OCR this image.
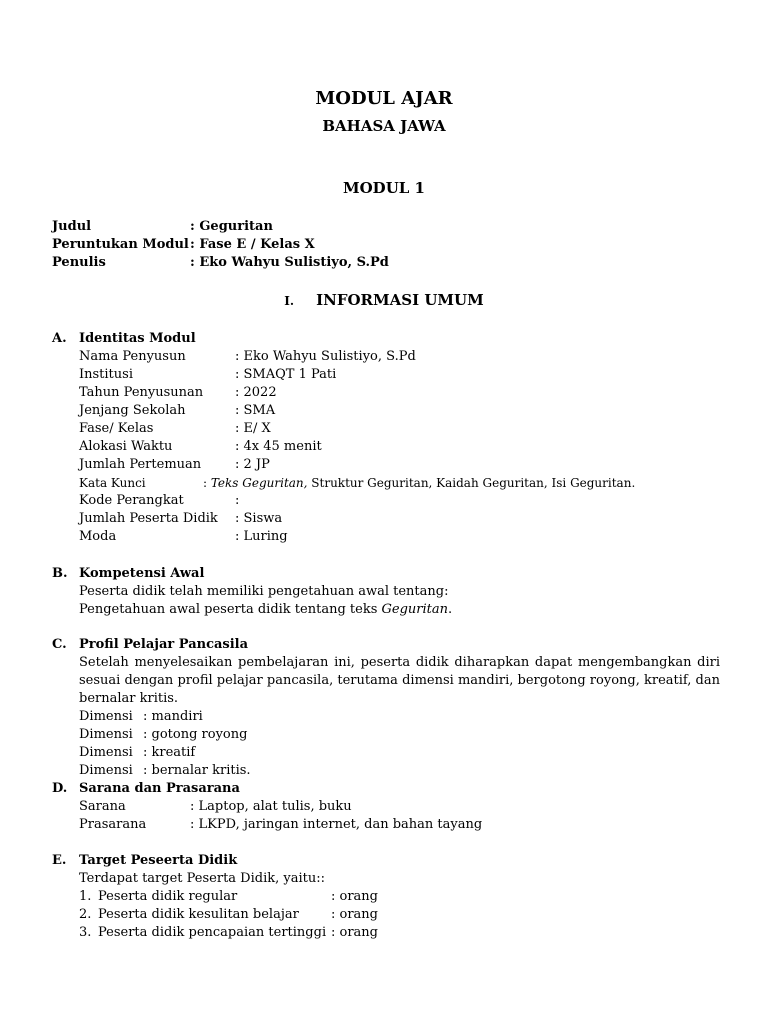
MODUL AJAR
BAHASA JAWA
MODUL 1
Judul	: Geguritan
Peruntukan Modul : Fase E / Kelas X
Penulis	: Eko Wahyu Sulistiyo, S.Pd
I. INFORMASI UMUM
A. Identitas Modul
Nama Penyusun	: Eko Wahyu Sulistiyo, S.Pd
Institusi	: SMAQT 1 Pati
Tahun Penyusunan : 2022
Jenjang Sekolah	: SMA
Fase/ Kelas	: E/ X
Alokasi Waktu	: 4x 45 menit
Jumlah Pertemuan	: 2 JP
Kata Kunci	: Teks Geguritan, Struktur Geguritan, Kaidah Geguritan, Isi Geguritan.
Kode Perangkat	:
Jumlah Peserta Didik : Siswa
Moda	: Luring
B. Kompetensi Awal
Peserta didik telah memiliki pengetahuan awal tentang:
Pengetahuan awal peserta didik tentang teks Geguritan.
C. Profil Pelajar Pancasila
Setelah menyelesaikan pembelajaran ini, peserta didik diharapkan dapat mengembangkan diri sesuai dengan profil pelajar pancasila, terutama dimensi mandiri, bergotong royong, kreatif, dan bernalar kritis.
Dimensi : mandiri
Dimensi : gotong royong
Dimensi : kreatif
Dimensi : bernalar kritis.
D. Sarana dan Prasarana
Sarana	: Laptop, alat tulis, buku
Prasarana	: LKPD, jaringan internet, dan bahan tayang
E. Target Peseerta Didik
Terdapat target Peserta Didik, yaitu::
1. Peserta didik regular	: orang
2. Peserta didik kesulitan belajar : orang
3. Peserta didik pencapaian tertinggi : orang
